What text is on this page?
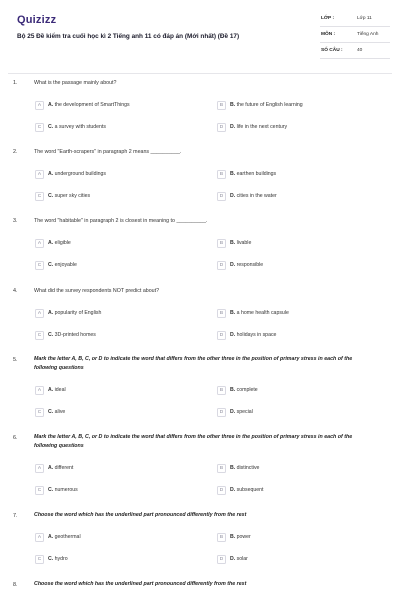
Quizizz
Bộ 25 Đề kiểm tra cuối học kì 2 Tiếng anh 11 có đáp án (Mới nhất) (Đề 17)
LỚP :	Lớp 11
MÔN :	Tiếng Anh
SỐ CÂU :	40
1.	What is the passage mainly about?
A	A. the development of SmartThings	B	B. the future of English learning
C	C. a survey with students	D	D. life in the next century
2.	The word "Earth-scrapers" in paragraph 2 means __________.
A	A. underground buildings	B	B. earthen buildings
C	C. super sky cities	D	D. cities in the water
3.	The word "habitable" in paragraph 2 is closest in meaning to __________.
A	A. eligible	B	B. livable
C	C. enjoyable	D	D. responsible
4.	What did the survey respondents NOT predict about?
A	A. popularity of English	B	B. a home health capsule
C	C. 3D-printed homes	D	D. holidays in space
5.	Mark the letter A, B, C, or D to indicate the word that differs from the other three in the position of primary stress in each of the following questions
A	A. ideal	B	B. complete
C	C. alive	D	D. special
6.	Mark the letter A, B, C, or D to indicate the word that differs from the other three in the position of primary stress in each of the following questions
A	A. different	B	B. distinctive
C	C. numerous	D	D. subsequent
7.	Choose the word which has the underlined part pronounced differently from the rest
A	A. geothermal	B	B. power
C	C. hydro	D	D. solar
8.	Choose the word which has the underlined part pronounced differently from the rest
